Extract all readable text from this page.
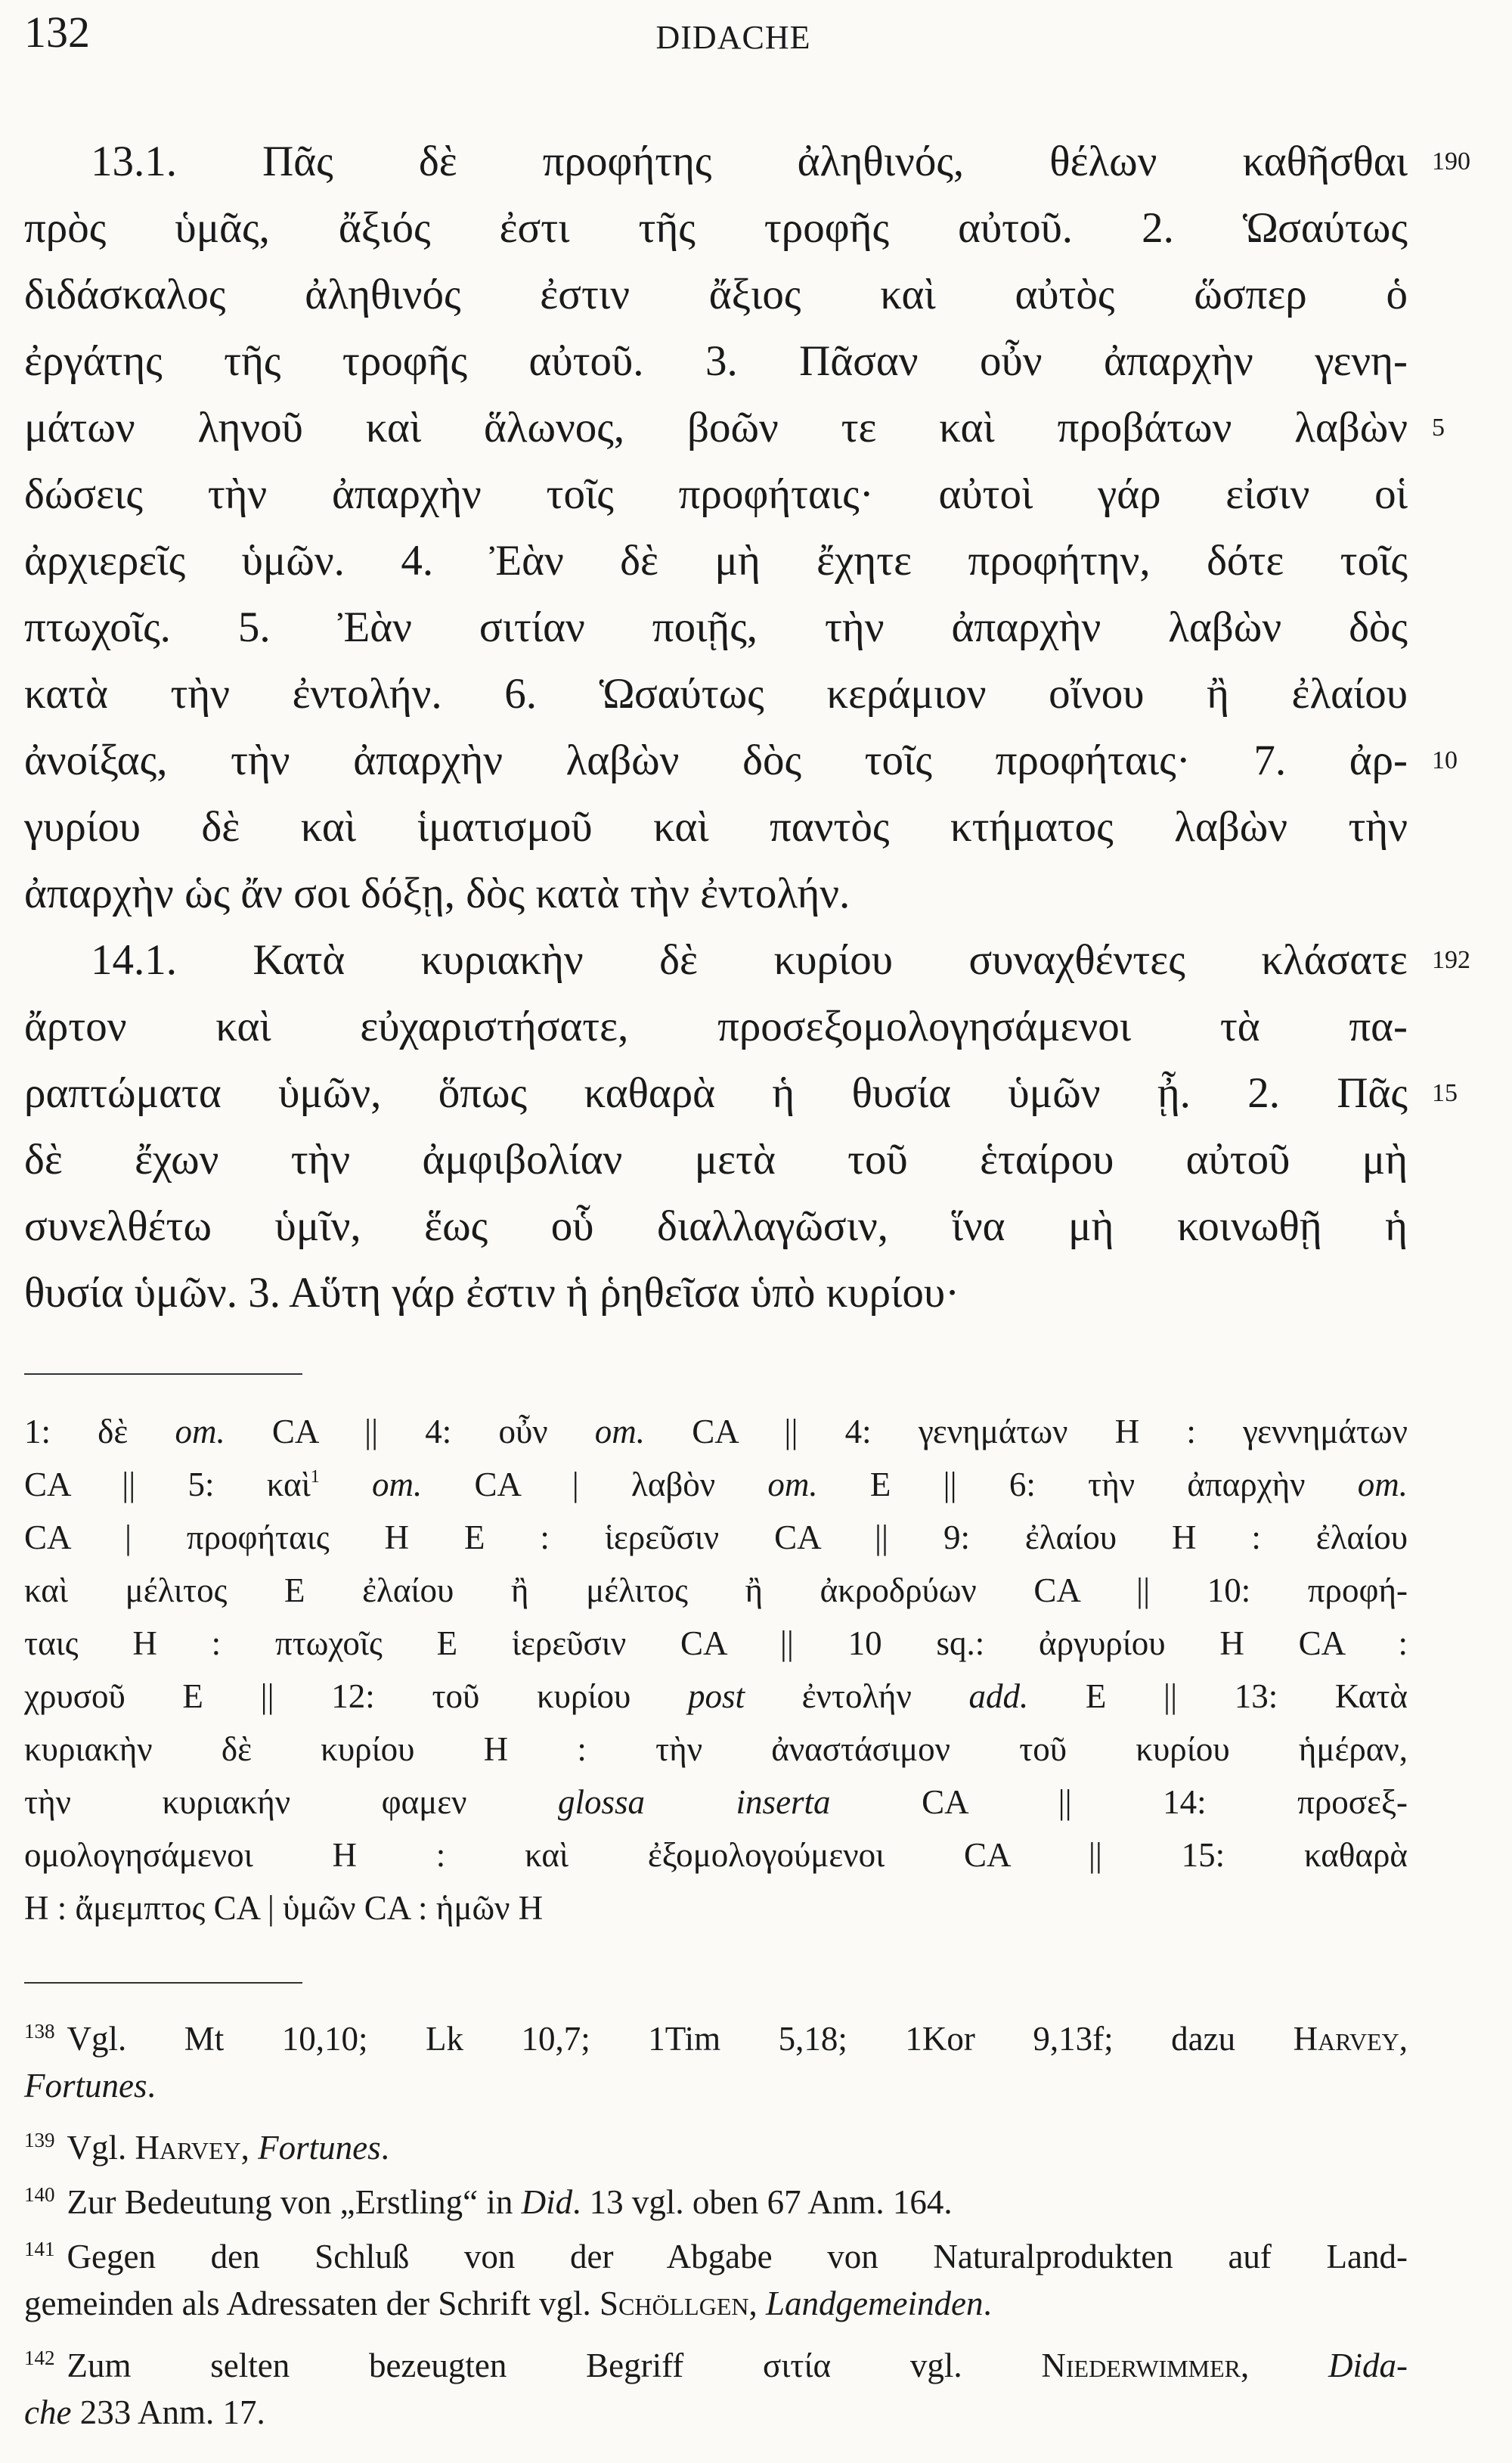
132	DIDACHE
13.1. Πᾶς δὲ προφήτης ἀληθινός, θέλων καθῆσθαι 190
πρὸς ὑμᾶς, ἄξιός ἐστι τῆς τροφῆς αὐτοῦ. 2. Ὡσαύτως
διδάσκαλος ἀληθινός ἐστιν ἄξιος καὶ αὐτὸς ὥσπερ ὁ
ἐργάτης τῆς τροφῆς αὐτοῦ. 3. Πᾶσαν οὖν ἀπαρχὴν γενη-
μάτων ληνοῦ καὶ ἅλωνος, βοῶν τε καὶ προβάτων λαβὼν 5
δώσεις τὴν ἀπαρχὴν τοῖς προφήταις· αὐτοὶ γάρ εἰσιν οἱ
ἀρχιερεῖς ὑμῶν. 4. Ἐὰν δὲ μὴ ἔχητε προφήτην, δότε τοῖς
πτωχοῖς. 5. Ἐὰν σιτίαν ποιῇς, τὴν ἀπαρχὴν λαβὼν δὸς
κατὰ τὴν ἐντολήν. 6. Ὡσαύτως κεράμιον οἴνου ἢ ἐλαίου
ἀνοίξας, τὴν ἀπαρχὴν λαβὼν δὸς τοῖς προφήταις· 7. ἀρ- 10
γυρίου δὲ καὶ ἱματισμοῦ καὶ παντὸς κτήματος λαβὼν τὴν
ἀπαρχὴν ὡς ἄν σοι δόξῃ, δὸς κατὰ τὴν ἐντολήν.
14.1. Κατὰ κυριακὴν δὲ κυρίου συναχθέντες κλάσατε 192
ἄρτον καὶ εὐχαριστήσατε, προσεξομολογησάμενοι τὰ πα-
ραπτώματα ὑμῶν, ὅπως καθαρὰ ἡ θυσία ὑμῶν ᾖ. 2. Πᾶς 15
δὲ ἔχων τὴν ἀμφιβολίαν μετὰ τοῦ ἑταίρου αὐτοῦ μὴ
συνελθέτω ὑμῖν, ἕως οὗ διαλλαγῶσιν, ἵνα μὴ κοινωθῇ ἡ
θυσία ὑμῶν. 3. Αὕτη γάρ ἐστιν ἡ ῥηθεῖσα ὑπὸ κυρίου·
1: δὲ om. CA || 4: οὖν om. CA || 4: γενημάτων H : γεννημάτων
CA || 5: καὶ$^1$ om. CA | λαβὸν om. E || 6: τὴν ἀπαρχὴν om.
CA | προφήταις H E : ἱερεῦσιν CA || 9: ἐλαίου H : ἐλαίου
καὶ μέλιτος E ἐλαίου ἢ μέλιτος ἢ ἀκροδρύων CA || 10: προφή-
ταις H : πτωχοῖς E ἱερεῦσιν CA || 10 sq.: ἀργυρίου H CA :
χρυσοῦ E || 12: τοῦ κυρίου post ἐντολήν add. E || 13: Κατὰ
κυριακὴν δὲ κυρίου H : τὴν ἀναστάσιμον τοῦ κυρίου ἡμέραν,
τὴν κυριακήν φαμεν glossa inserta CA || 14: προσεξ-
ομολογησάμενοι H : καὶ ἐξομολογούμενοι CA || 15: καθαρὰ
H : ἄμεμπτος CA | ὑμῶν CA : ἡμῶν H
$^{138}$ Vgl. Mt 10,10; Lk 10,7; 1Tim 5,18; 1Kor 9,13f; dazu Harvey,
Fortunes.
$^{139}$ Vgl. Harvey, Fortunes.
$^{140}$ Zur Bedeutung von „Erstling“ in Did. 13 vgl. oben 67 Anm. 164.
$^{141}$ Gegen den Schluß von der Abgabe von Naturalprodukten auf Land-
gemeinden als Adressaten der Schrift vgl. Schöllgen, Landgemeinden.
$^{142}$ Zum selten bezeugten Begriff σιτία vgl. Niederwimmer, Dida-
che 233 Anm. 17.
